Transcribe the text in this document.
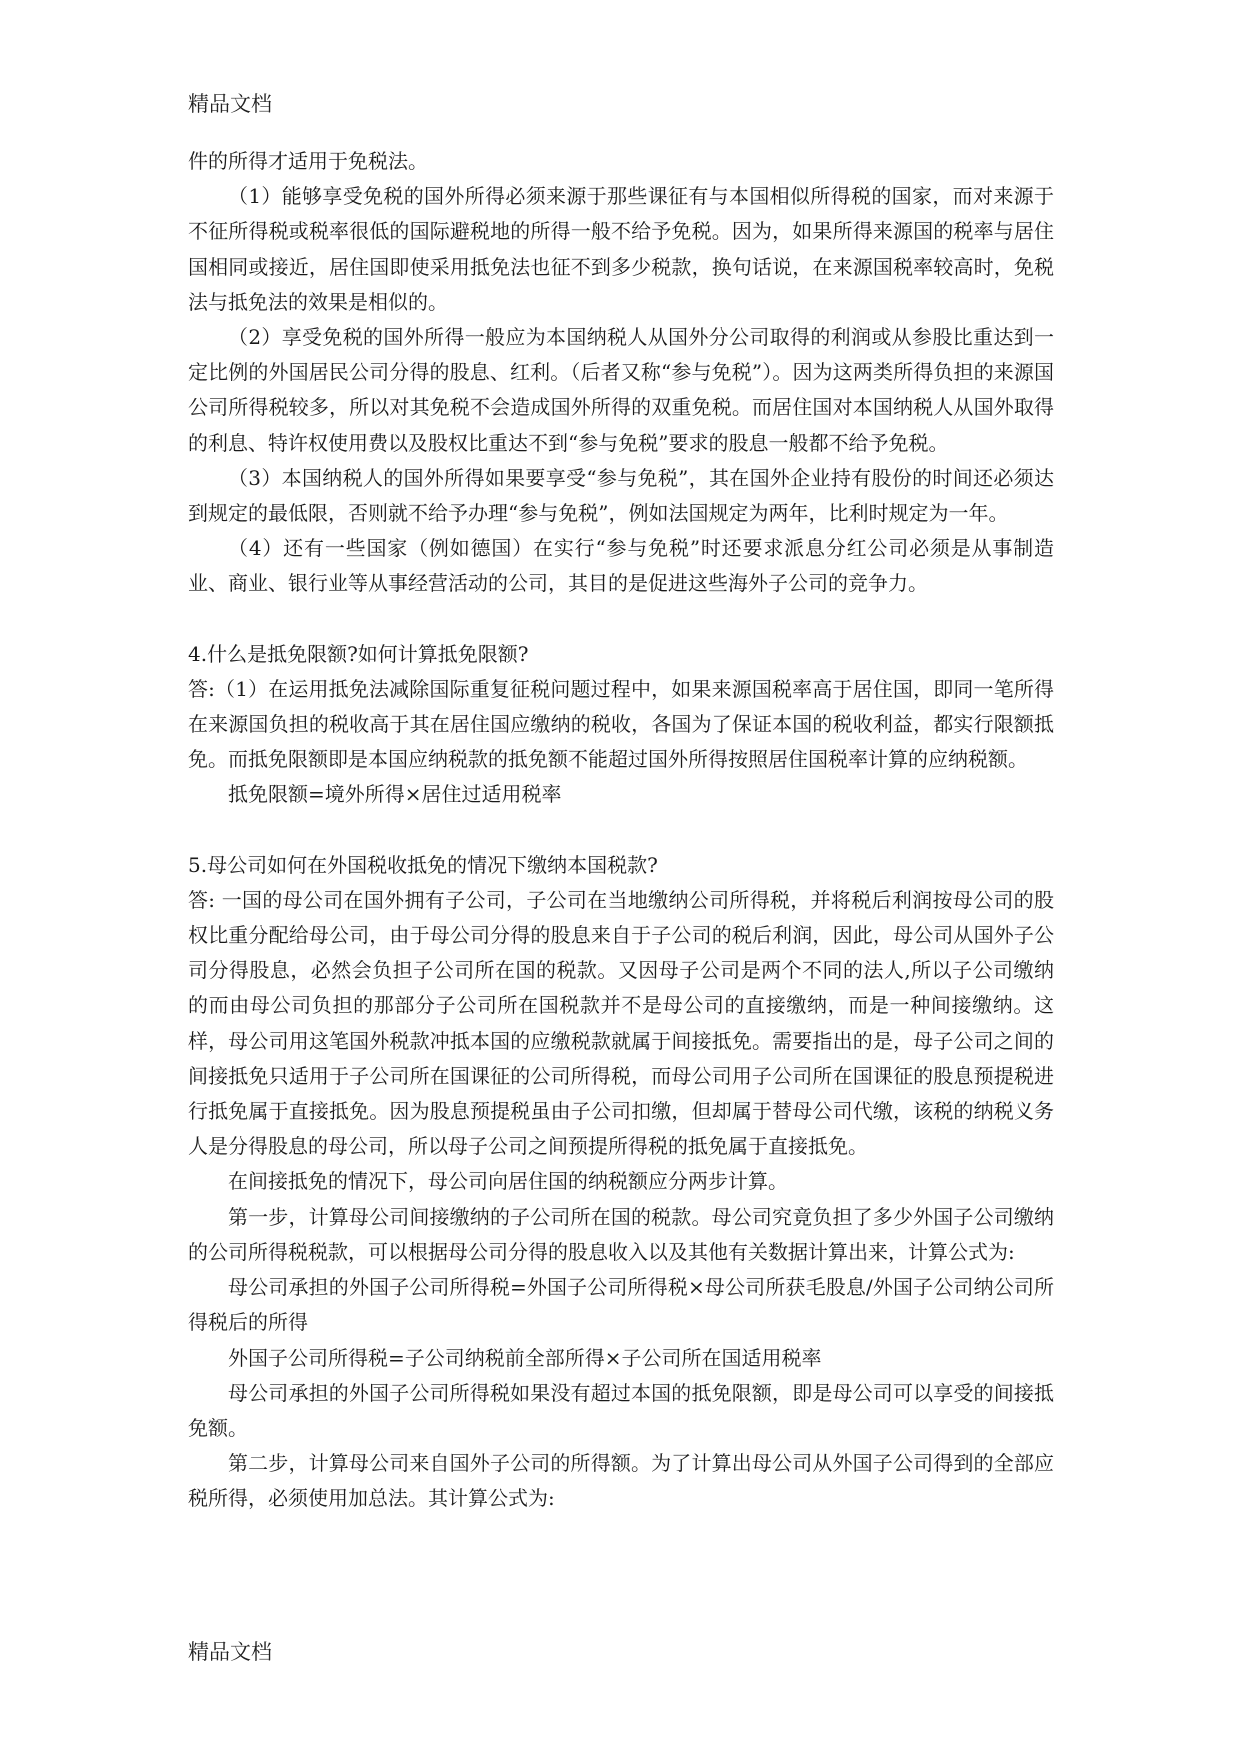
精品文档

件的所得才适用于免税法。

（1）能够享受免税的国外所得必须来源于那些课征有与本国相似所得税的国家，而对来源于不征所得税或税率很低的国际避税地的所得一般不给予免税。因为，如果所得来源国的税率与居住国相同或接近，居住国即使采用抵免法也征不到多少税款，换句话说，在来源国税率较高时，免税法与抵免法的效果是相似的。

（2）享受免税的国外所得一般应为本国纳税人从国外分公司取得的利润或从参股比重达到一定比例的外国居民公司分得的股息、红利。（后者又称“参与免税”）。因为这两类所得负担的来源国公司所得税较多，所以对其免税不会造成国外所得的双重免税。而居住国对本国纳税人从国外取得的利息、特许权使用费以及股权比重达不到“参与免税”要求的股息一般都不给予免税。

（3）本国纳税人的国外所得如果要享受“参与免税”，其在国外企业持有股份的时间还必须达到规定的最低限，否则就不给予办理“参与免税”，例如法国规定为两年，比利时规定为一年。

（4）还有一些国家（例如德国）在实行“参与免税”时还要求派息分红公司必须是从事制造业、商业、银行业等从事经营活动的公司，其目的是促进这些海外子公司的竞争力。

4.什么是抵免限额?如何计算抵免限额?

答:（1）在运用抵免法减除国际重复征税问题过程中，如果来源国税率高于居住国，即同一笔所得在来源国负担的税收高于其在居住国应缴纳的税收，各国为了保证本国的税收利益，都实行限额抵免。而抵免限额即是本国应纳税款的抵免额不能超过国外所得按照居住国税率计算的应纳税额。

抵免限额=境外所得×居住过适用税率

5.母公司如何在外国税收抵免的情况下缴纳本国税款?

答: 一国的母公司在国外拥有子公司，子公司在当地缴纳公司所得税，并将税后利润按母公司的股权比重分配给母公司，由于母公司分得的股息来自于子公司的税后利润，因此，母公司从国外子公司分得股息，必然会负担子公司所在国的税款。又因母子公司是两个不同的法人,所以子公司缴纳的而由母公司负担的那部分子公司所在国税款并不是母公司的直接缴纳，而是一种间接缴纳。这样，母公司用这笔国外税款冲抵本国的应缴税款就属于间接抵免。需要指出的是，母子公司之间的间接抵免只适用于子公司所在国课征的公司所得税，而母公司用子公司所在国课征的股息预提税进行抵免属于直接抵免。因为股息预提税虽由子公司扣缴，但却属于替母公司代缴，该税的纳税义务人是分得股息的母公司，所以母子公司之间预提所得税的抵免属于直接抵免。

在间接抵免的情况下，母公司向居住国的纳税额应分两步计算。

第一步，计算母公司间接缴纳的子公司所在国的税款。母公司究竟负担了多少外国子公司缴纳的公司所得税税款，可以根据母公司分得的股息收入以及其他有关数据计算出来，计算公式为:

母公司承担的外国子公司所得税=外国子公司所得税×母公司所获毛股息/外国子公司纳公司所得税后的所得

外国子公司所得税=子公司纳税前全部所得×子公司所在国适用税率

母公司承担的外国子公司所得税如果没有超过本国的抵免限额，即是母公司可以享受的间接抵免额。

第二步，计算母公司来自国外子公司的所得额。为了计算出母公司从外国子公司得到的全部应税所得，必须使用加总法。其计算公式为:

精品文档
